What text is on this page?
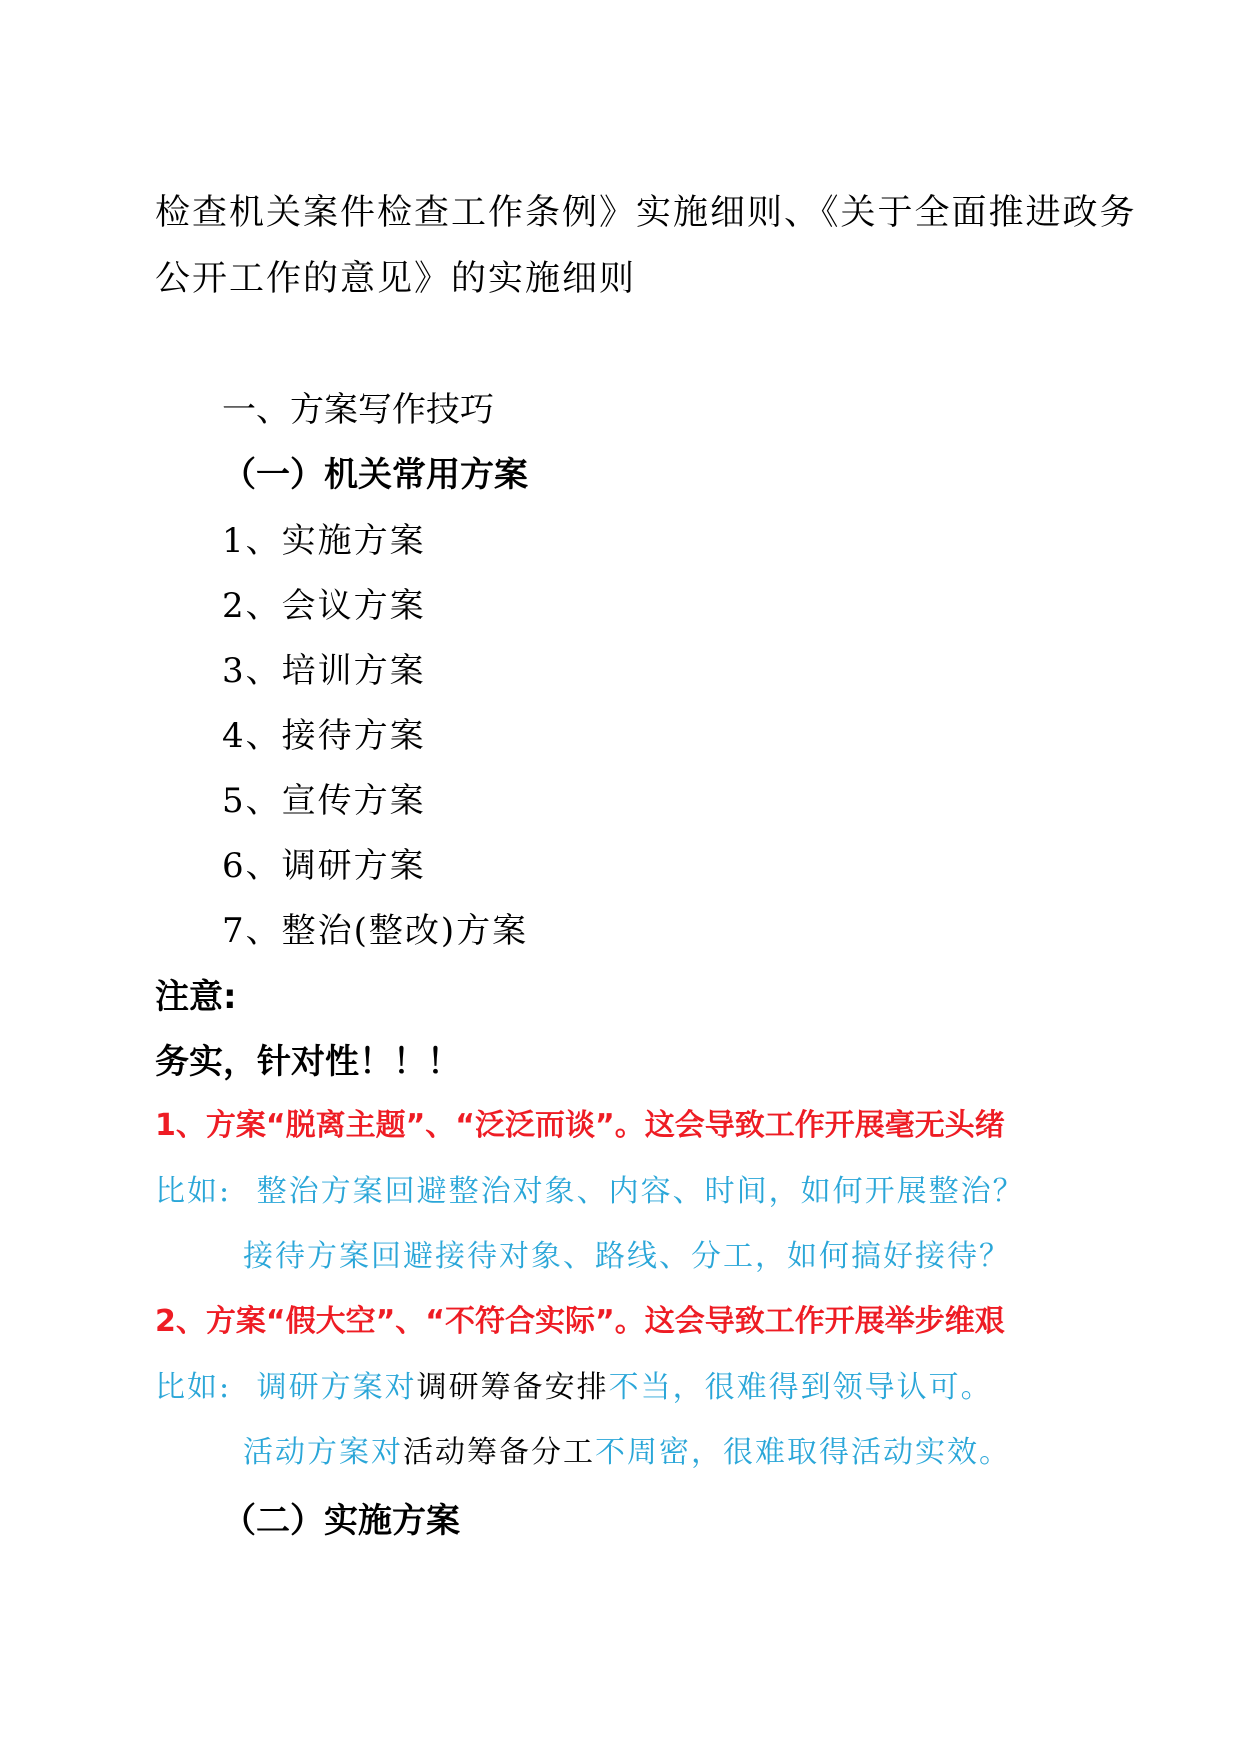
检查机关案件检查工作条例》实施细则、《关于全面推进政务
公开工作的意见》的实施细则
一、方案写作技巧
（一）机关常用方案
1、实施方案
2、会议方案
3、培训方案
4、接待方案
5、宣传方案
6、调研方案
7、整治(整改)方案
注意:
务实，针对性！！！
1、方案“脱离主题”、“泛泛而谈”。这会导致工作开展毫无头绪
比如: 整治方案回避整治对象、内容、时间，如何开展整治？
接待方案回避接待对象、路线、分工，如何搞好接待？
2、方案“假大空”、“不符合实际”。这会导致工作开展举步维艰
比如: 调研方案对调研筹备安排不当，很难得到领导认可。
活动方案对活动筹备分工不周密，很难取得活动实效。
（二）实施方案
